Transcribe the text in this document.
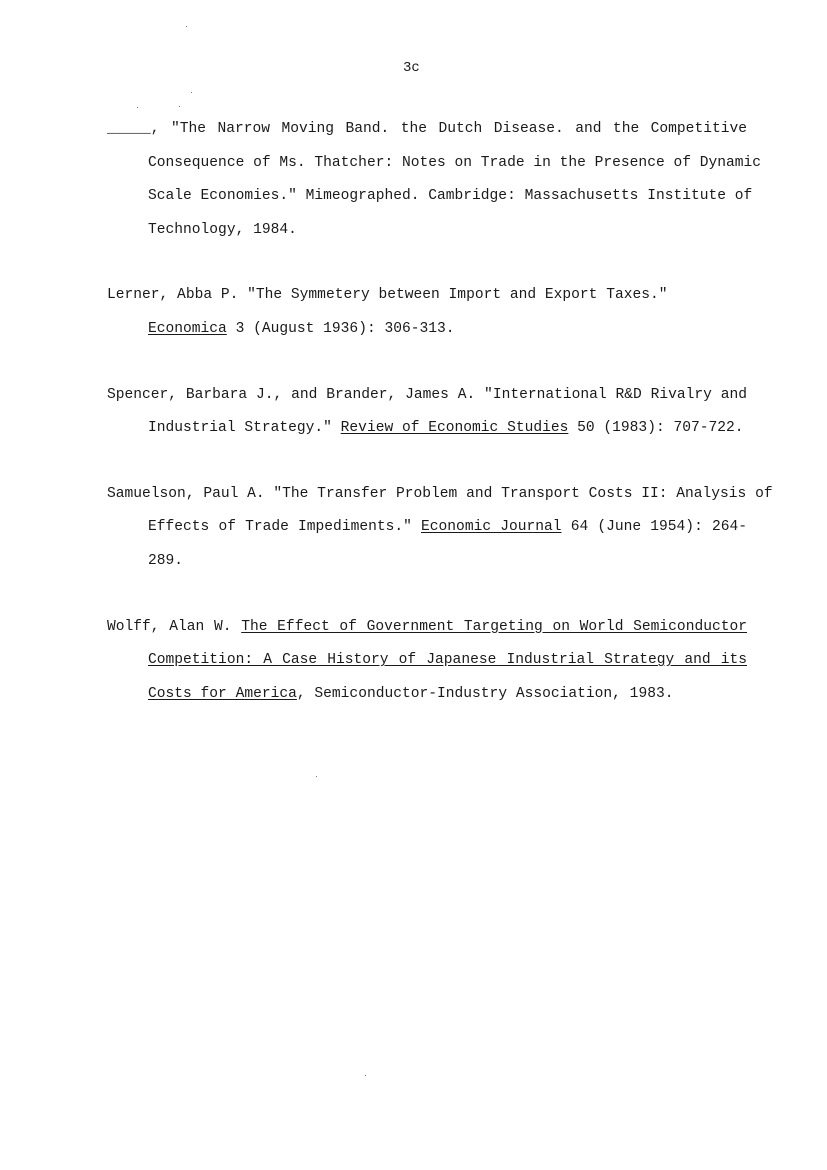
3c
_____, "The Narrow Moving Band. the Dutch Disease. and the Competitive
Consequence of Ms. Thatcher: Notes on Trade in the Presence of Dynamic
Scale Economies." Mimeographed. Cambridge: Massachusetts Institute of
Technology, 1984.
Lerner, Abba P. "The Symmetery between Import and Export Taxes."
Economica 3 (August 1936): 306-313.
Spencer, Barbara J., and Brander, James A. "International R&D Rivalry and
Industrial Strategy." Review of Economic Studies 50 (1983): 707-722.
Samuelson, Paul A. "The Transfer Problem and Transport Costs II: Analysis of
Effects of Trade Impediments." Economic Journal 64 (June 1954): 264-
289.
Wolff, Alan W. The Effect of Government Targeting on World Semiconductor
Competition: A Case History of Japanese Industrial Strategy and its
Costs for America, Semiconductor-Industry Association, 1983.
